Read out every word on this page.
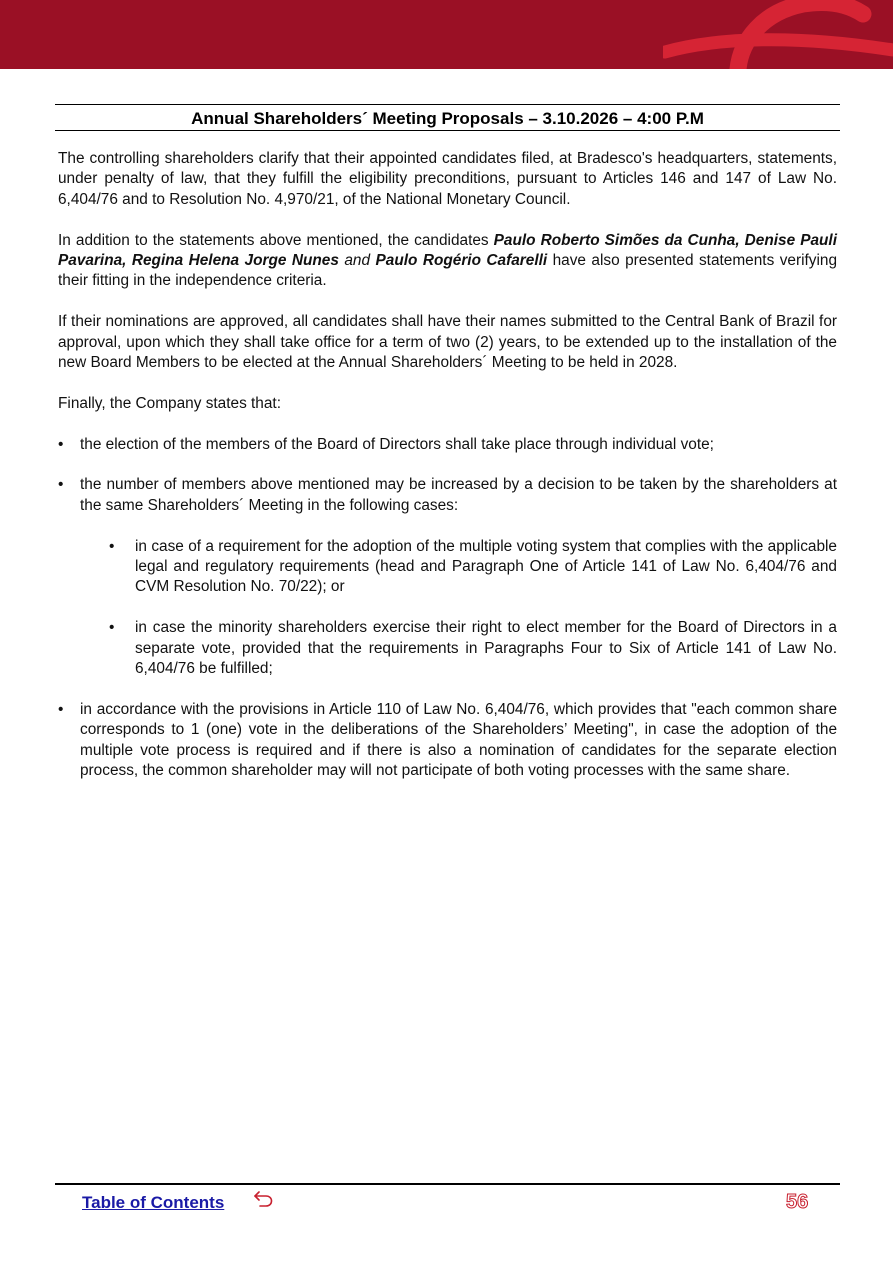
Annual Shareholders´ Meeting Proposals – 3.10.2026 – 4:00 P.M

The controlling shareholders clarify that their appointed candidates filed, at Bradesco's headquarters, statements, under penalty of law, that they fulfill the eligibility preconditions, pursuant to Articles 146 and 147 of Law No. 6,404/76 and to Resolution No. 4,970/21, of the National Monetary Council.

In addition to the statements above mentioned, the candidates Paulo Roberto Simões da Cunha, Denise Pauli Pavarina, Regina Helena Jorge Nunes and Paulo Rogério Cafarelli have also presented statements verifying their fitting in the independence criteria.

If their nominations are approved, all candidates shall have their names submitted to the Central Bank of Brazil for approval, upon which they shall take office for a term of two (2) years, to be extended up to the installation of the new Board Members to be elected at the Annual Shareholders´ Meeting to be held in 2028.

Finally, the Company states that:

• the election of the members of the Board of Directors shall take place through individual vote;
• the number of members above mentioned may be increased by a decision to be taken by the shareholders at the same Shareholders´ Meeting in the following cases:
• in case of a requirement for the adoption of the multiple voting system that complies with the applicable legal and regulatory requirements (head and Paragraph One of Article 141 of Law No. 6,404/76 and CVM Resolution No. 70/22); or
• in case the minority shareholders exercise their right to elect member for the Board of Directors in a separate vote, provided that the requirements in Paragraphs Four to Six of Article 141 of Law No. 6,404/76 be fulfilled;
• in accordance with the provisions in Article 110 of Law No. 6,404/76, which provides that "each common share corresponds to 1 (one) vote in the deliberations of the Shareholders’ Meeting", in case the adoption of the multiple vote process is required and if there is also a nomination of candidates for the separate election process, the common shareholder may will not participate of both voting processes with the same share.
Table of Contents	56
